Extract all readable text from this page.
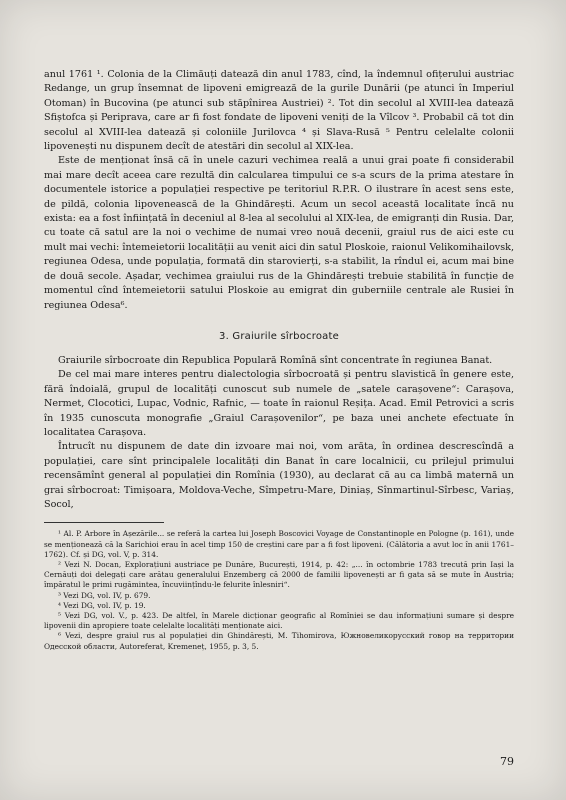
anul 1761 ¹. Colonia de la Climăuți datează din anul 1783, cînd, la îndemnul ofițerului austriac Redange, un grup însemnat de lipoveni emigrează de la gurile Dunării (pe atunci în Imperiul Otoman) în Bucovina (pe atunci sub stăpînirea Austriei) ². Tot din secolul al XVIII-lea datează Sfiștofca și Periprava, care ar fi fost fondate de lipoveni veniți de la Vîlcov ³. Probabil că tot din secolul al XVIII-lea datează și coloniile Jurilovca ⁴ și Slava-Rusă ⁵ Pentru celelalte colonii lipovenești nu dispunem decît de atestări din secolul al XIX-lea.

Este de menționat însă că în unele cazuri vechimea reală a unui grai poate fi considerabil mai mare decît aceea care rezultă din calcularea timpului ce s-a scurs de la prima atestare în documentele istorice a populației respective pe teritoriul R.P.R. O ilustrare în acest sens este, de pildă, colonia lipovenească de la Ghindărești. Acum un secol această localitate încă nu exista: ea a fost înființată în deceniul al 8-lea al secolului al XIX-lea, de emigranți din Rusia. Dar, cu toate că satul are la noi o vechime de numai vreo nouă decenii, graiul rus de aici este cu mult mai vechi: întemeietorii localității au venit aici din satul Ploskoie, raionul Velikomihailovsk, regiunea Odesa, unde populația, formată din starovierți, s-a stabilit, la rîndul ei, acum mai bine de două secole. Așadar, vechimea graiului rus de la Ghindărești trebuie stabilită în funcție de momentul cînd întemeietorii satului Ploskoie au emigrat din guberniile centrale ale Rusiei în regiunea Odesa⁶.

3. Graiurile sîrbocroate

Graiurile sîrbocroate din Republica Populară Romînă sînt concentrate în regiunea Banat.

De cel mai mare interes pentru dialectologia sîrbocroată și pentru slavistică în genere este, fără îndoială, grupul de localități cunoscut sub numele de „satele carașovene“: Carașova, Nermet, Clocotici, Lupac, Vodnic, Rafnic, — toate în raionul Reșița. Acad. Emil Petrovici a scris în 1935 cunoscuta monografie „Graiul Carașovenilor“, pe baza unei anchete efectuate în localitatea Carașova.

Întrucît nu dispunem de date din izvoare mai noi, vom arăta, în ordinea descrescîndă a populației, care sînt principalele localități din Banat în care localnicii, cu prilejul primului recensămînt general al populației din Romînia (1930), au declarat că au ca limbă maternă un grai sîrbocroat: Timișoara, Moldova-Veche, Sîmpetru-Mare, Diniaș, Sînmartinul-Sîrbesc, Variaș, Socol,

¹ Al. P. Arbore în Așezările... se referă la cartea lui Joseph Boscovici Voyage de Constantinople en Pologne (p. 161), unde se menționează că la Sarichioi erau în acel timp 150 de creștini care par a fi fost lipoveni. (Călătoria a avut loc în anii 1761–1762). Cf. și DG, vol. V, p. 314.

² Vezi N. Docan, Explorațiuni austriace pe Dunăre, București, 1914, p. 42: „... în octombrie 1783 trecută prin Iași la Cernăuți doi delegați care arătau generalului Enzemberg că 2000 de familii lipovenești ar fi gata să se mute în Austria; împăratul le primi rugămintea, încuviințîndu-le felurite înlesniri“.

³ Vezi DG, vol. IV, p. 679.

⁴ Vezi DG, vol. IV, p. 19.

⁵ Vezi DG, vol. V., p. 423. De altfel, în Marele dicționar geografic al Romîniei se dau informațiuni sumare și despre lipovenii din apropiere toate celelalte localități menționate aici.

⁶ Vezi, despre graiul rus al populației din Ghindărești, M. Tihomirova, Южновеликорусский говор на территории Одесской области, Autoreferat, Kremeneț, 1955, p. 3, 5.

79
